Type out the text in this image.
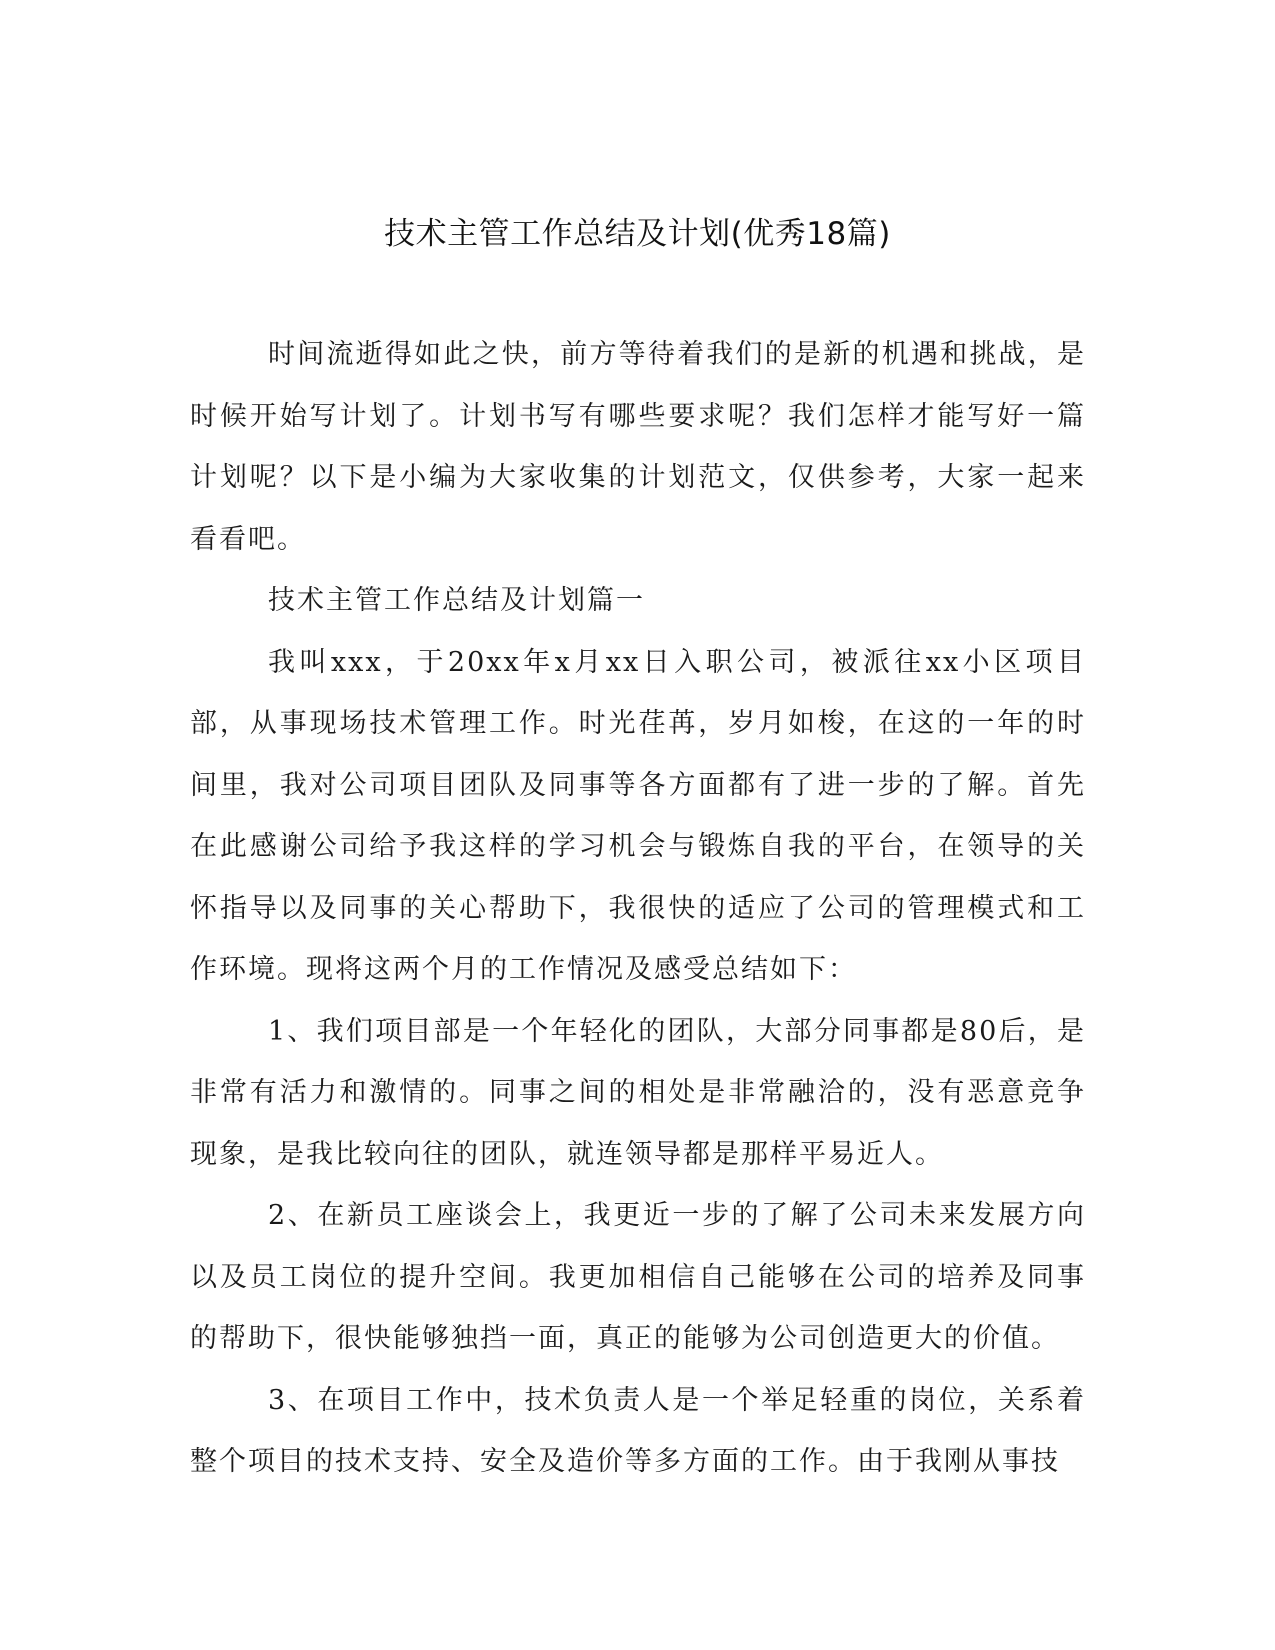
技术主管工作总结及计划(优秀18篇)

时间流逝得如此之快，前方等待着我们的是新的机遇和挑战，是时候开始写计划了。计划书写有哪些要求呢？我们怎样才能写好一篇计划呢？以下是小编为大家收集的计划范文，仅供参考，大家一起来看看吧。

技术主管工作总结及计划篇一

我叫xxx，于20xx年x月xx日入职公司，被派往xx小区项目部，从事现场技术管理工作。时光荏苒，岁月如梭，在这的一年的时间里，我对公司项目团队及同事等各方面都有了进一步的了解。首先在此感谢公司给予我这样的学习机会与锻炼自我的平台，在领导的关怀指导以及同事的关心帮助下，我很快的适应了公司的管理模式和工作环境。现将这两个月的工作情况及感受总结如下：

1、我们项目部是一个年轻化的团队，大部分同事都是80后，是非常有活力和激情的。同事之间的相处是非常融洽的，没有恶意竞争现象，是我比较向往的团队，就连领导都是那样平易近人。

2、在新员工座谈会上，我更近一步的了解了公司未来发展方向以及员工岗位的提升空间。我更加相信自己能够在公司的培养及同事的帮助下，很快能够独挡一面，真正的能够为公司创造更大的价值。

3、在项目工作中，技术负责人是一个举足轻重的岗位，关系着整个项目的技术支持、安全及造价等多方面的工作。由于我刚从事技
